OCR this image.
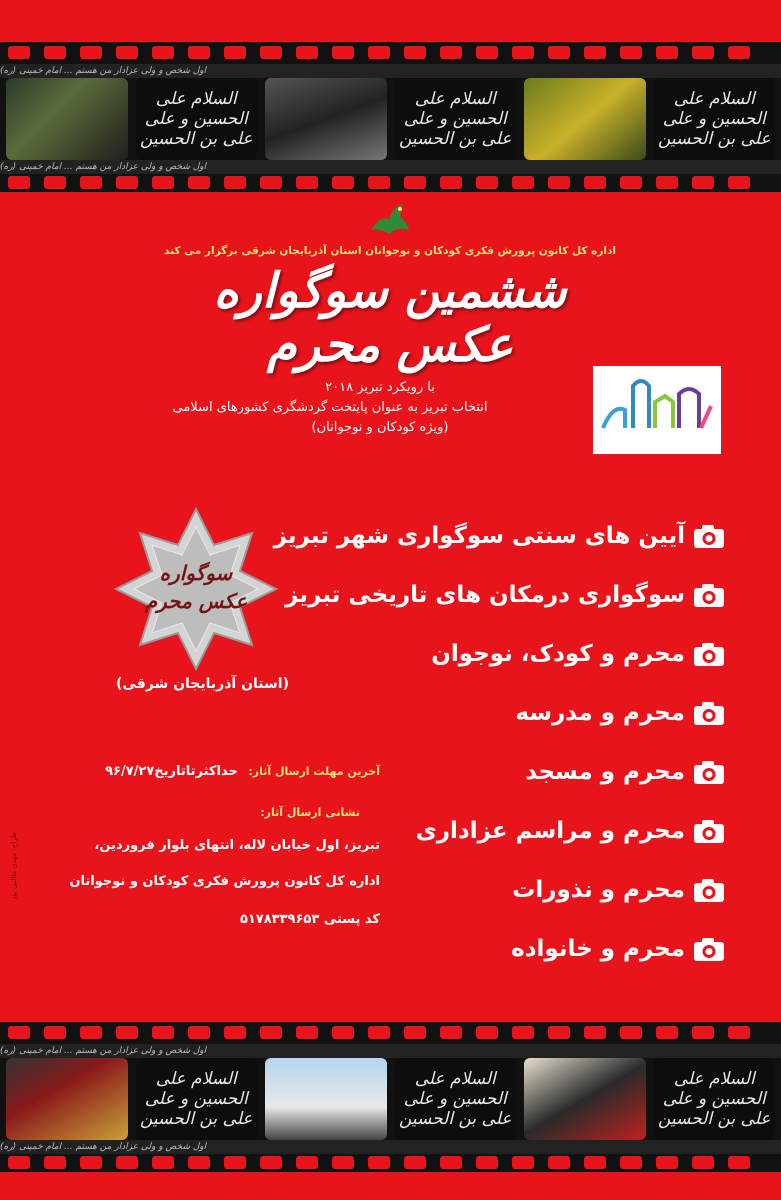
اول شخص و ولی عزادار من هستم ... امام خمینی (ره)
السلام علی الحسین و علی علی بن الحسین
السلام علی الحسین و علی علی بن الحسین
السلام علی الحسین و علی علی بن الحسین
اول شخص و ولی عزادار من هستم ... امام خمینی (ره)
اداره کل کانون پرورش فکری کودکان و نوجوانان استان آذربایجان شرقی برگزار می کند
ششمین سوگواره
عکس محرم
با رویکرد تبریز ۲۰۱۸
انتخاب تبریز به عنوان پایتخت گردشگری کشورهای اسلامی
(ویژه کودکان و نوجوانان)
سوگواره
عکس محرم
(استان آذربایجان شرقی)
آیین های سنتی سوگواری شهر تبریز
سوگواری درمکان های تاریخی تبریز
محرم و کودک، نوجوان
محرم و مدرسه
محرم و مسجد
محرم و مراسم عزاداری
محرم و نذورات
محرم و خانواده
آخرین مهلت ارسال آثار: حداکثرتاتاریخ۹۶/۷/۲۷
نشانی ارسال آثار:
تبریز، اول خیابان لاله، انتهای بلوار فروردین،
اداره کل کانون پرورش فکری کودکان و نوجوانان
کد پستی ۵۱۷۸۳۳۹۶۵۳
طراح: مهدی طالبی پور
اول شخص و ولی عزادار من هستم ... امام خمینی (ره)
السلام علی الحسین و علی علی بن الحسین
السلام علی الحسین و علی علی بن الحسین
السلام علی الحسین و علی علی بن الحسین
اول شخص و ولی عزادار من هستم ... امام خمینی (ره)
